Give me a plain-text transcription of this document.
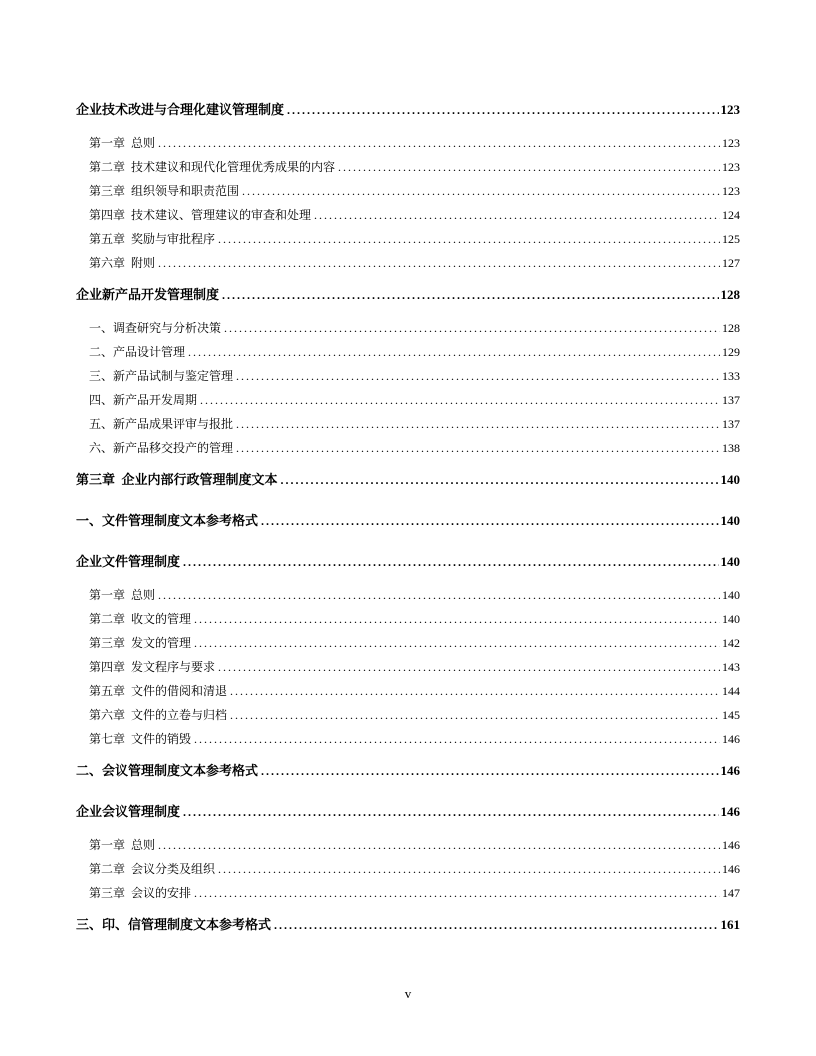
企业技术改进与合理化建议管理制度 .....	123
第一章  总则 .....	123
第二章  技术建议和现代化管理优秀成果的内容 .....	123
第三章  组织领导和职责范围 .....	123
第四章  技术建议、管理建议的审查和处理 .....	124
第五章  奖励与审批程序 .....	125
第六章  附则 .....	127
企业新产品开发管理制度 .....	128
一、调查研究与分析决策 .....	128
二、产品设计管理 .....	129
三、新产品试制与鉴定管理 .....	133
四、新产品开发周期 .....	137
五、新产品成果评审与报批 .....	137
六、新产品移交投产的管理 .....	138
第三章  企业内部行政管理制度文本 .....	140
一、文件管理制度文本参考格式 .....	140
企业文件管理制度 .....	140
第一章  总则 .....	140
第二章  收文的管理 .....	140
第三章  发文的管理 .....	142
第四章  发文程序与要求 .....	143
第五章  文件的借阅和清退 .....	144
第六章  文件的立卷与归档 .....	145
第七章  文件的销毁 .....	146
二、会议管理制度文本参考格式 .....	146
企业会议管理制度 .....	146
第一章  总则 .....	146
第二章  会议分类及组织 .....	146
第三章  会议的安排 .....	147
三、印、信管理制度文本参考格式 .....	161
v
